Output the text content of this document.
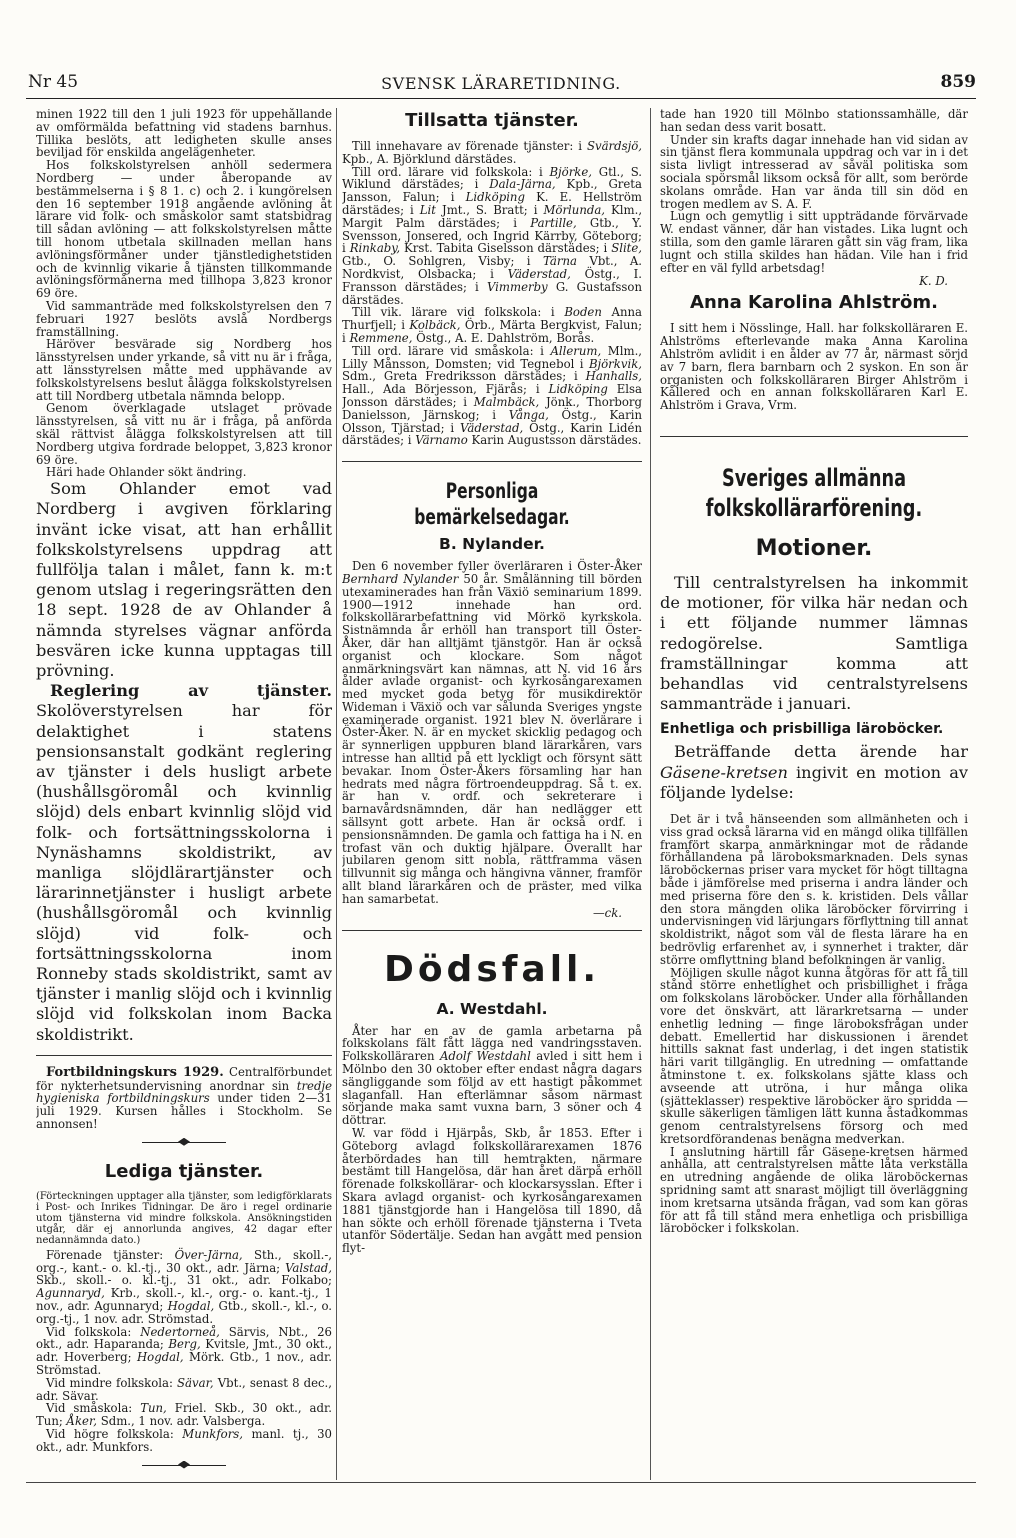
Nr 45	SVENSK LÄRARETIDNING.	859

minen 1922 till den 1 juli 1923 för uppehållande av omförmälda befattning vid stadens barnhus. Tillika beslöts, att ledigheten skulle anses beviljad för enskilda angelägenheter.

Hos folkskolstyrelsen anhöll sedermera Nordberg — under åberopande av bestämmelserna i § 8 1. c) och 2. i kungörelsen den 16 september 1918 angående avlöning åt lärare vid folk- och småskolor samt statsbidrag till sådan avlöning — att folkskolstyrelsen måtte till honom utbetala skillnaden mellan hans avlöningsförmåner under tjänstledighetstiden och de kvinnlig vikarie å tjänsten tillkommande avlöningsförmånerna med tillhopa 3,823 kronor 69 öre.

Vid sammanträde med folkskolstyrelsen den 7 februari 1927 beslöts avslå Nordbergs framställning.

Häröver besvärade sig Nordberg hos länsstyrelsen under yrkande, så vitt nu är i fråga, att länsstyrelsen måtte med upphävande av folkskolstyrelsens beslut ålägga folkskolstyrelsen att till Nordberg utbetala nämnda belopp.

Genom överklagade utslaget prövade länsstyrelsen, så vitt nu är i fråga, på anförda skäl rättvist ålägga folkskolstyrelsen att till Nordberg utgiva fordrade beloppet, 3,823 kronor 69 öre.

Häri hade Ohlander sökt ändring.

Som Ohlander emot vad Nordberg i avgiven förklaring invänt icke visat, att han erhållit folkskolstyrelsens uppdrag att fullfölja talan i målet, fann k. m:t genom utslag i regeringsrätten den 18 sept. 1928 de av Ohlander å nämnda styrelses vägnar anförda besvären icke kunna upptagas till prövning.

Reglering av tjänster. Skolöverstyrelsen har för delaktighet i statens pensionsanstalt godkänt reglering av tjänster i dels husligt arbete (hushållsgöromål och kvinnlig slöjd) dels enbart kvinnlig slöjd vid folk- och fortsättningsskolorna i Nynäshamns skoldistrikt, av manliga slöjdlärartjänster och lärarinnetjänster i husligt arbete (hushållsgöromål och kvinnlig slöjd) vid folk- och fortsättningsskolorna inom Ronneby stads skoldistrikt, samt av tjänster i manlig slöjd och i kvinnlig slöjd vid folkskolan inom Backa skoldistrikt.

Fortbildningskurs 1929. Centralförbundet för nykterhetsundervisning anordnar sin tredje hygieniska fortbildningskurs under tiden 2—31 juli 1929. Kursen hålles i Stockholm. Se annonsen!

Lediga tjänster.

(Förteckningen upptager alla tjänster, som ledigförklarats i Post- och Inrikes Tidningar. De äro i regel ordinarie utom tjänsterna vid mindre folkskola. Ansökningstiden utgår, där ej annorlunda angives, 42 dagar efter nedannämnda dato.)

Förenade tjänster: Över-Järna, Sth., skoll.-, org.-, kant.- o. kl.-tj., 30 okt., adr. Järna; Valstad, Skb., skoll.- o. kl.-tj., 31 okt., adr. Folkabo; Agunnaryd, Krb., skoll.-, kl.-, org.- o. kant.-tj., 1 nov., adr. Agunnaryd; Hogdal, Gtb., skoll.-, kl.-, o. org.-tj., 1 nov. adr. Strömstad.

Vid folkskola: Nedertorneå, Särvis, Nbt., 26 okt., adr. Haparanda; Berg, Kvitsle, Jmt., 30 okt., adr. Hoverberg; Hogdal, Mörk. Gtb., 1 nov., adr. Strömstad.

Vid mindre folkskola: Sävar, Vbt., senast 8 dec., adr. Sävar.

Vid småskola: Tun, Friel. Skb., 30 okt., adr. Tun; Åker, Sdm., 1 nov. adr. Valsberga.

Vid högre folkskola: Munkfors, manl. tj., 30 okt., adr. Munkfors.

Tillsatta tjänster.

Till innehavare av förenade tjänster: i Svärdsjö, Kpb., A. Björklund därstädes.

Till ord. lärare vid folkskola: i Björke, Gtl., S. Wiklund därstädes; i Dala-Järna, Kpb., Greta Jansson, Falun; i Lidköping K. E. Hellström därstädes; i Lit Jmt., S. Bratt; i Mörlunda, Klm., Margit Palm därstädes; i Partille, Gtb., Y. Svensson, Jonsered, och Ingrid Kärrby, Göteborg; i Rinkaby, Krst. Tabita Giselsson därstädes; i Slite, Gtb., O. Sohlgren, Visby; i Tärna Vbt., A. Nordkvist, Olsbacka; i Väderstad, Östg., I. Fransson därstädes; i Vimmerby G. Gustafsson därstädes.

Till vik. lärare vid folkskola: i Boden Anna Thurfjell; i Kolbäck, Örb., Märta Bergkvist, Falun; i Remmene, Östg., A. E. Dahlström, Borås.

Till ord. lärare vid småskola: i Allerum, Mlm., Lilly Månsson, Domsten; vid Tegnebol i Björkvik, Sdm., Greta Fredriksson därstädes; i Hanhalls, Hall., Ada Börjesson, Fjärås; i Lidköping Elsa Jonsson därstädes; i Malmbäck, Jönk., Thorborg Danielsson, Järnskog; i Vånga, Östg., Karin Olsson, Tjärstad; i Väderstad, Östg., Karin Lidén därstädes; i Värnamo Karin Augustsson därstädes.

Personliga bemärkelsedagar.
B. Nylander.

Den 6 november fyller överläraren i Öster-Åker Bernhard Nylander 50 år. Smålänning till börden utexaminerades han från Växiö seminarium 1899. 1900—1912 innehade han ord. folkskollärarbefattning vid Mörkö kyrkskola. Sistnämnda år erhöll han transport till Öster-Åker, där han alltjämt tjänstgör. Han är också organist och klockare. Som något anmärkningsvärt kan nämnas, att N. vid 16 års ålder avlade organist- och kyrkosångarexamen med mycket goda betyg för musikdirektör Wideman i Växiö och var sålunda Sveriges yngste examinerade organist. 1921 blev N. överlärare i Öster-Åker. N. är en mycket skicklig pedagog och är synnerligen uppburen bland lärarkåren, vars intresse han alltid på ett lyckligt och försynt sätt bevakar. Inom Öster-Åkers församling har han hedrats med några förtroendeuppdrag. Så t. ex. är han v. ordf. och sekreterare i barnavårdsnämnden, där han nedlägger ett sällsynt gott arbete. Han är också ordf. i pensionsnämnden. De gamla och fattiga ha i N. en trofast vän och duktig hjälpare. Överallt har jubilaren genom sitt nobla, rättframma väsen tillvunnit sig många och hängivna vänner, framför allt bland lärarkåren och de präster, med vilka han samarbetat.

—ck.

Dödsfall.
A. Westdahl.

Åter har en av de gamla arbetarna på folkskolans fält fått lägga ned vandringsstaven. Folkskolläraren Adolf Westdahl avled i sitt hem i Mölnbo den 30 oktober efter endast några dagars sängliggande som följd av ett hastigt påkommet slaganfall. Han efterlämnar såsom närmast sörjande maka samt vuxna barn, 3 söner och 4 döttrar.

W. var född i Hjärpås, Skb, år 1853. Efter i Göteborg avlagd folkskollärarexamen 1876 återbördades han till hemtrakten, närmare bestämt till Hangelösa, där han året därpå erhöll förenade folkskollärar- och klockarsysslan. Efter i Skara avlagd organist- och kyrkosångarexamen 1881 tjänstgjorde han i Hangelösa till 1890, då han sökte och erhöll förenade tjänsterna i Tveta utanför Södertälje. Sedan han avgått med pension flyt-

tade han 1920 till Mölnbo stationssamhälle, där han sedan dess varit bosatt.

Under sin krafts dagar innehade han vid sidan av sin tjänst flera kommunala uppdrag och var in i det sista livligt intresserad av såväl politiska som sociala spörsmål liksom också för allt, som berörde skolans område. Han var ända till sin död en trogen medlem av S. A. F.

Lugn och gemytlig i sitt uppträdande förvärvade W. endast vänner, där han vistades. Lika lugnt och stilla, som den gamle läraren gått sin väg fram, lika lugnt och stilla skildes han hädan. Vile han i frid efter en väl fylld arbetsdag!

K. D.

Anna Karolina Ahlström.

I sitt hem i Nösslinge, Hall. har folkskolläraren E. Ahlströms efterlevande maka Anna Karolina Ahlström avlidit i en ålder av 77 år, närmast sörjd av 7 barn, flera barnbarn och 2 syskon. En son är organisten och folkskolläraren Birger Ahlström i Kållered och en annan folkskolläraren Karl E. Ahlström i Grava, Vrm.

Sveriges allmänna
folkskollärarförening.
Motioner.

Till centralstyrelsen ha inkommit de motioner, för vilka här nedan och i ett följande nummer lämnas redogörelse. Samtliga framställningar komma att behandlas vid centralstyrelsens sammanträde i januari.

Enhetliga och prisbilliga läroböcker.

Beträffande detta ärende har Gäsene-kretsen ingivit en motion av följande lydelse:

Det är i två hänseenden som allmänheten och i viss grad också lärarna vid en mängd olika tillfällen framfört skarpa anmärkningar mot de rådande förhållandena på läroboksmarknaden. Dels synas läroböckernas priser vara mycket för högt tilltagna både i jämförelse med priserna i andra länder och med priserna före den s. k. kristiden. Dels vållar den stora mängden olika läroböcker förvirring i undervisningen vid lärjungars förflyttning till annat skoldistrikt, något som väl de flesta lärare ha en bedrövlig erfarenhet av, i synnerhet i trakter, där större omflyttning bland befolkningen är vanlig.

Möjligen skulle något kunna åtgöras för att få till stånd större enhetlighet och prisbillighet i fråga om folkskolans läroböcker. Under alla förhållanden vore det önskvärt, att lärarkretsarna — under enhetlig ledning — finge läroboksfrågan under debatt. Emellertid har diskussionen i ärendet hittills saknat fast underlag, i det ingen statistik häri varit tillgänglig. En utredning — omfattande åtminstone t. ex. folkskolans sjätte klass och avseende att utröna, i hur många olika (sjätteklasser) respektive läroböcker äro spridda — skulle säkerligen tämligen lätt kunna åstadkommas genom centralstyrelsens försorg och med kretsordförandenas benägna medverkan.

I anslutning härtill får Gäsene-kretsen härmed anhålla, att centralstyrelsen måtte låta verkställa en utredning angående de olika läroböckernas spridning samt att snarast möjligt till överläggning inom kretsarna utsända frågan, vad som kan göras för att få till stånd mera enhetliga och prisbilliga läroböcker i folkskolan.
